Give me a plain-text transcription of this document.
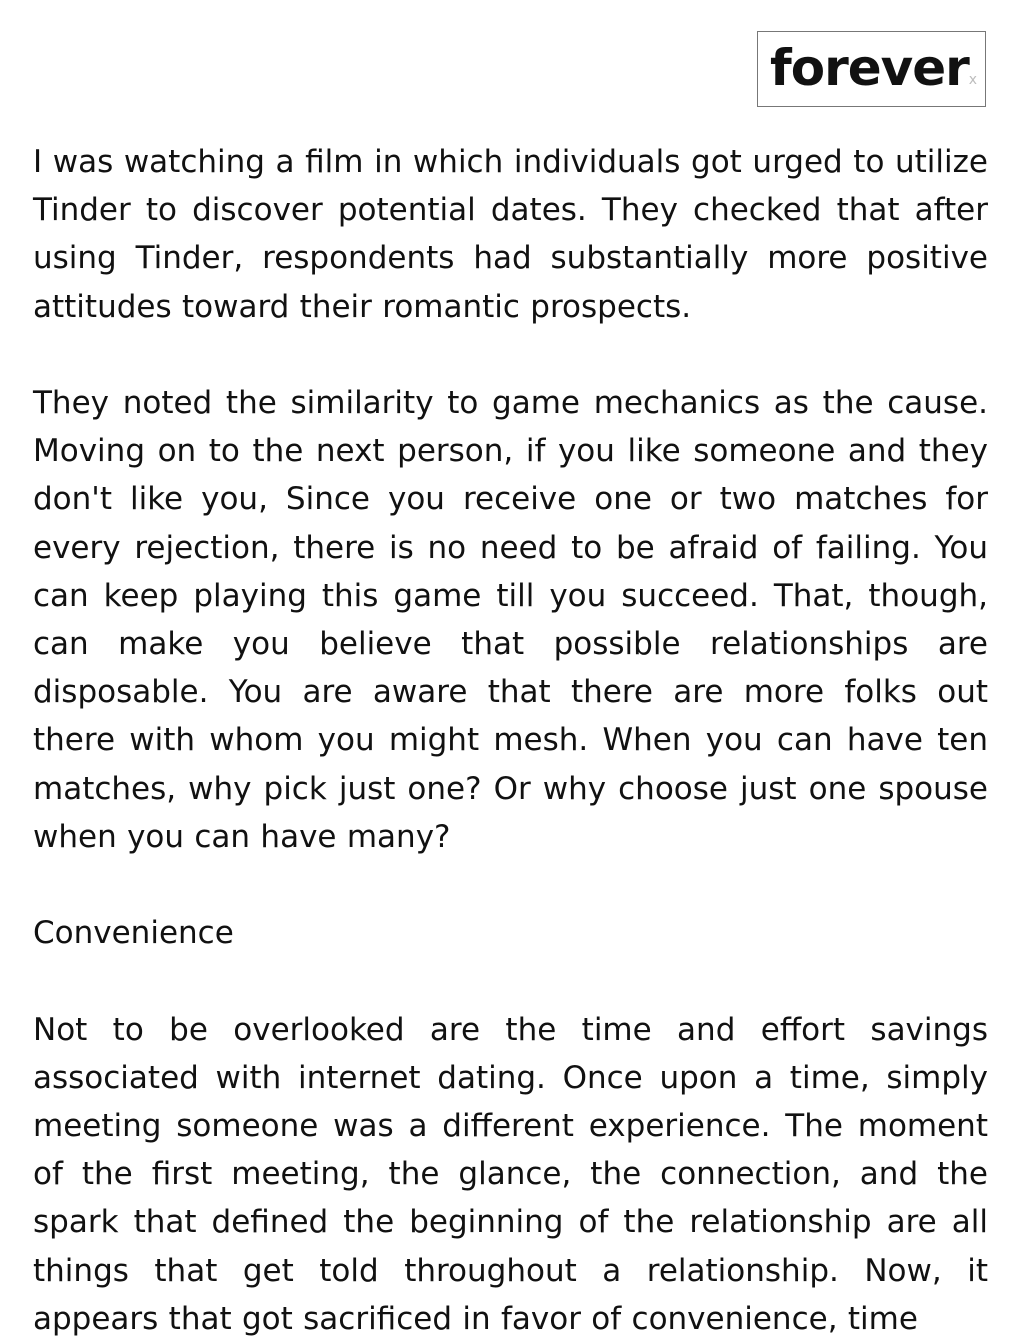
forever x

I was watching a film in which individuals got urged to utilize Tinder to discover potential dates. They checked that after using Tinder, respondents had substantially more positive attitudes toward their romantic prospects.

They noted the similarity to game mechanics as the cause. Moving on to the next person, if you like someone and they don't like you, Since you receive one or two matches for every rejection, there is no need to be afraid of failing. You can keep playing this game till you succeed. That, though, can make you believe that possible relationships are disposable. You are aware that there are more folks out there with whom you might mesh. When you can have ten matches, why pick just one? Or why choose just one spouse when you can have many?

Convenience

Not to be overlooked are the time and effort savings associated with internet dating. Once upon a time, simply meeting someone was a different experience. The moment of the first meeting, the glance, the connection, and the spark that defined the beginning of the relationship are all things that get told throughout a relationship. Now, it appears that got sacrificed in favor of convenience, time
